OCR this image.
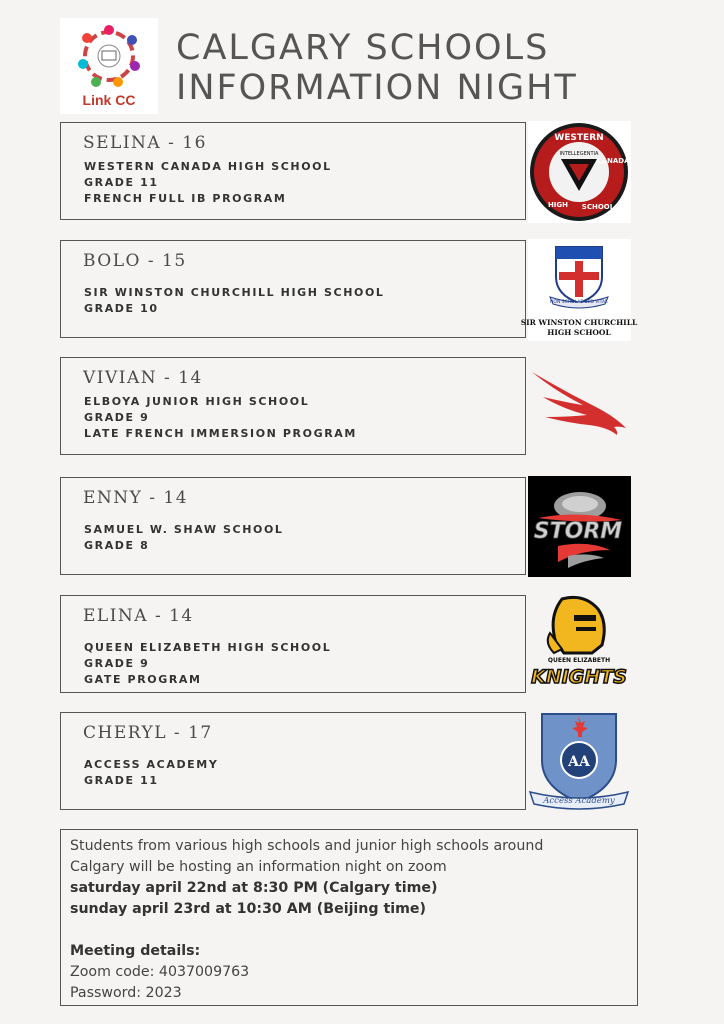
Link CC
CALGARY SCHOOLS
INFORMATION NIGHT
SELINA - 16
WESTERN CANADA HIGH SCHOOL
GRADE 11
FRENCH FULL IB PROGRAM
WESTERN
CANADA
HIGH SCHOOL
INTELLEGENTIA
BOLO - 15
SIR WINSTON CHURCHILL HIGH SCHOOL
GRADE 10	NON SCHOLAE SED VITAE
SIR WINSTON CHURCHILL
HIGH SCHOOL
VIVIAN - 14
ELBOYA JUNIOR HIGH SCHOOL
GRADE 9
LATE FRENCH IMMERSION PROGRAM
ENNY - 14
SAMUEL W. SHAW SCHOOL
GRADE 8
STORM
ELINA - 14
QUEEN ELIZABETH HIGH SCHOOL
GRADE 9
GATE PROGRAM
QUEEN ELIZABETH
KNIGHTS
CHERYL - 17
ACCESS ACADEMY
GRADE 11
AA
Access Academy
Students from various high schools and junior high schools around
Calgary will be hosting an information night on zoom
saturday april 22nd at 8:30 PM (Calgary time)
sunday april 23rd at 10:30 AM (Beijing time)
Meeting details:
Zoom code: 4037009763
Password: 2023
